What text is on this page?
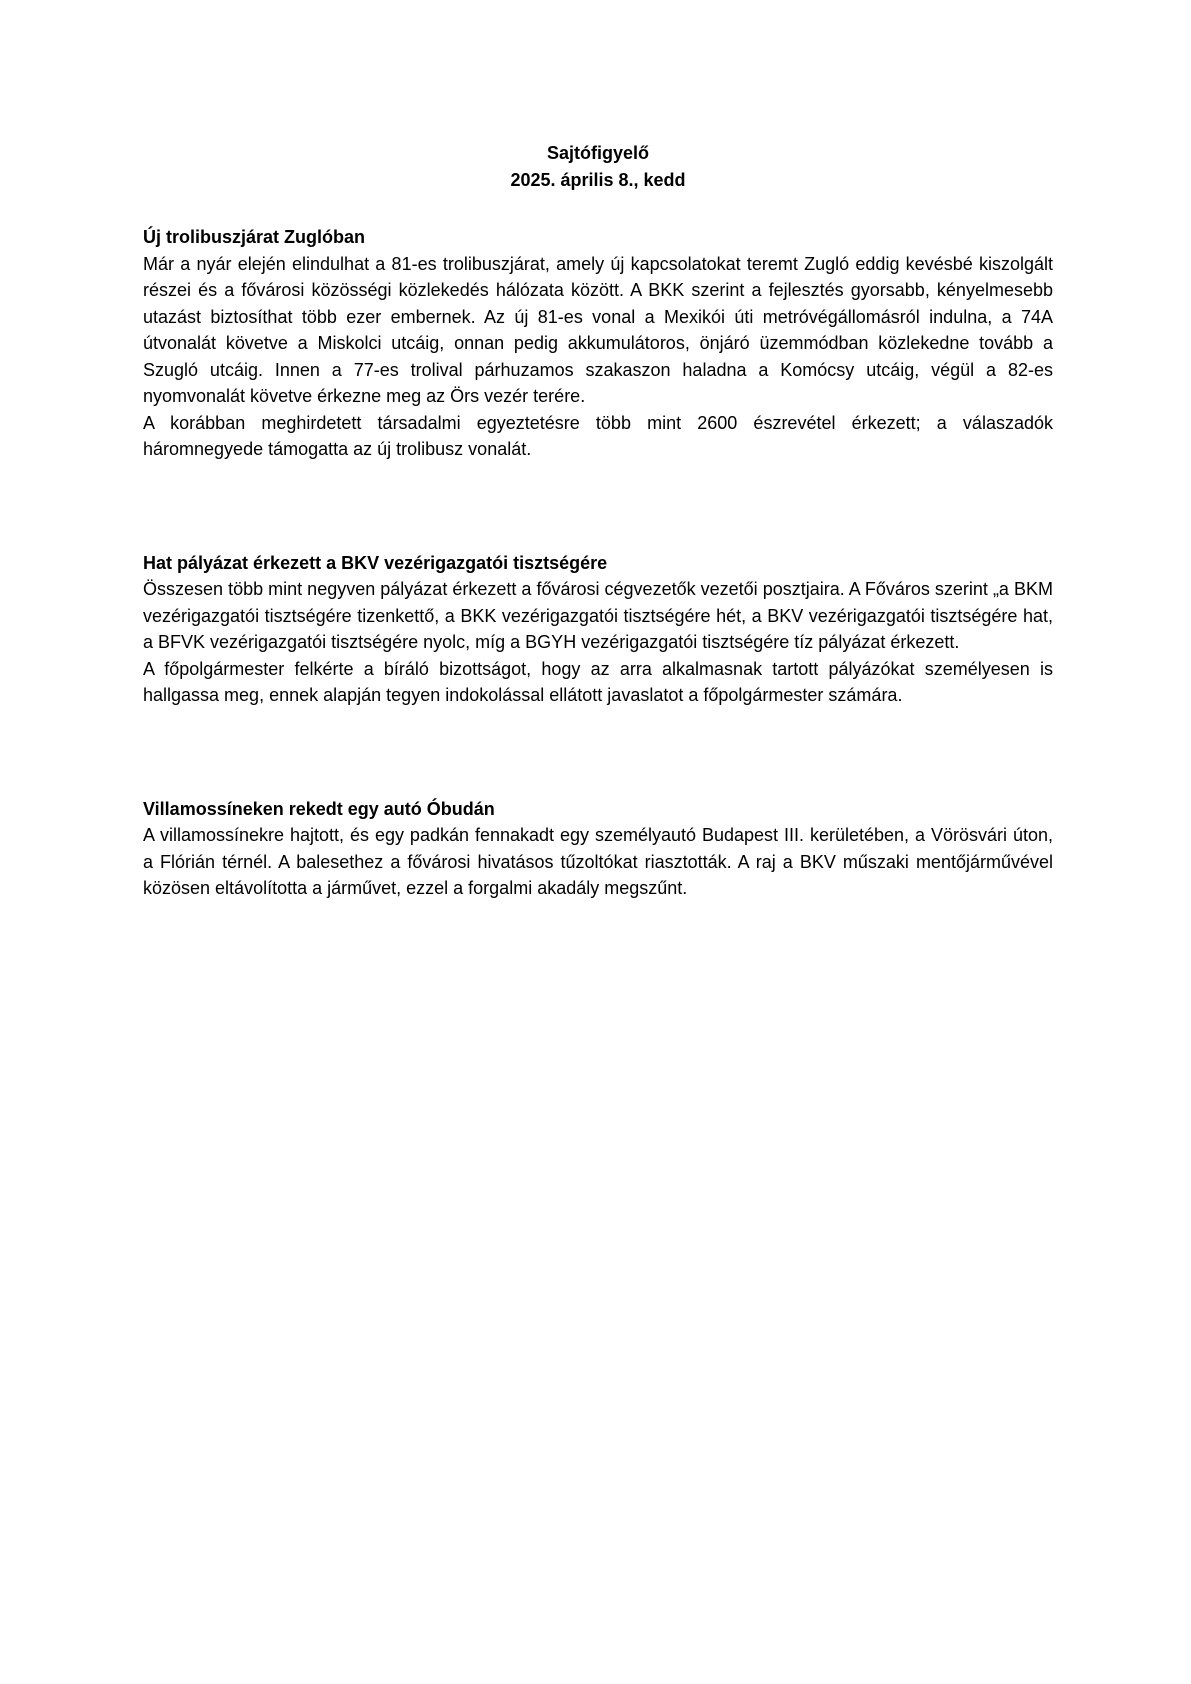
Sajtófigyelő
2025. április 8., kedd
Új trolibuszjárat Zuglóban

Már a nyár elején elindulhat a 81-es trolibuszjárat, amely új kapcsolatokat teremt Zugló eddig kevésbé kiszolgált részei és a fővárosi közösségi közlekedés hálózata között. A BKK szerint a fejlesztés gyorsabb, kényelmesebb utazást biztosíthat több ezer embernek. Az új 81-es vonal a Mexikói úti metróvégállomásról indulna, a 74A útvonalát követve a Miskolci utcáig, onnan pedig akkumulátoros, önjáró üzemmódban közlekedne tovább a Szugló utcáig. Innen a 77-es trolival párhuzamos szakaszon haladna a Komócsy utcáig, végül a 82-es nyomvonalát követve érkezne meg az Örs vezér terére.

A korábban meghirdetett társadalmi egyeztetésre több mint 2600 észrevétel érkezett; a válaszadók háromnegyede támogatta az új trolibusz vonalát.

Hat pályázat érkezett a BKV vezérigazgatói tisztségére

Összesen több mint negyven pályázat érkezett a fővárosi cégvezetők vezetői posztjaira. A Főváros szerint „a BKM vezérigazgatói tisztségére tizenkettő, a BKK vezérigazgatói tisztségére hét, a BKV vezérigazgatói tisztségére hat, a BFVK vezérigazgatói tisztségére nyolc, míg a BGYH vezérigazgatói tisztségére tíz pályázat érkezett.

A főpolgármester felkérte a bíráló bizottságot, hogy az arra alkalmasnak tartott pályázókat személyesen is hallgassa meg, ennek alapján tegyen indokolással ellátott javaslatot a főpolgármester számára.

Villamossíneken rekedt egy autó Óbudán

A villamossínekre hajtott, és egy padkán fennakadt egy személyautó Budapest III. kerületében, a Vörösvári úton, a Flórián térnél. A balesethez a fővárosi hivatásos tűzoltókat riasztották. A raj a BKV műszaki mentőjárművével közösen eltávolította a járművet, ezzel a forgalmi akadály megszűnt.
